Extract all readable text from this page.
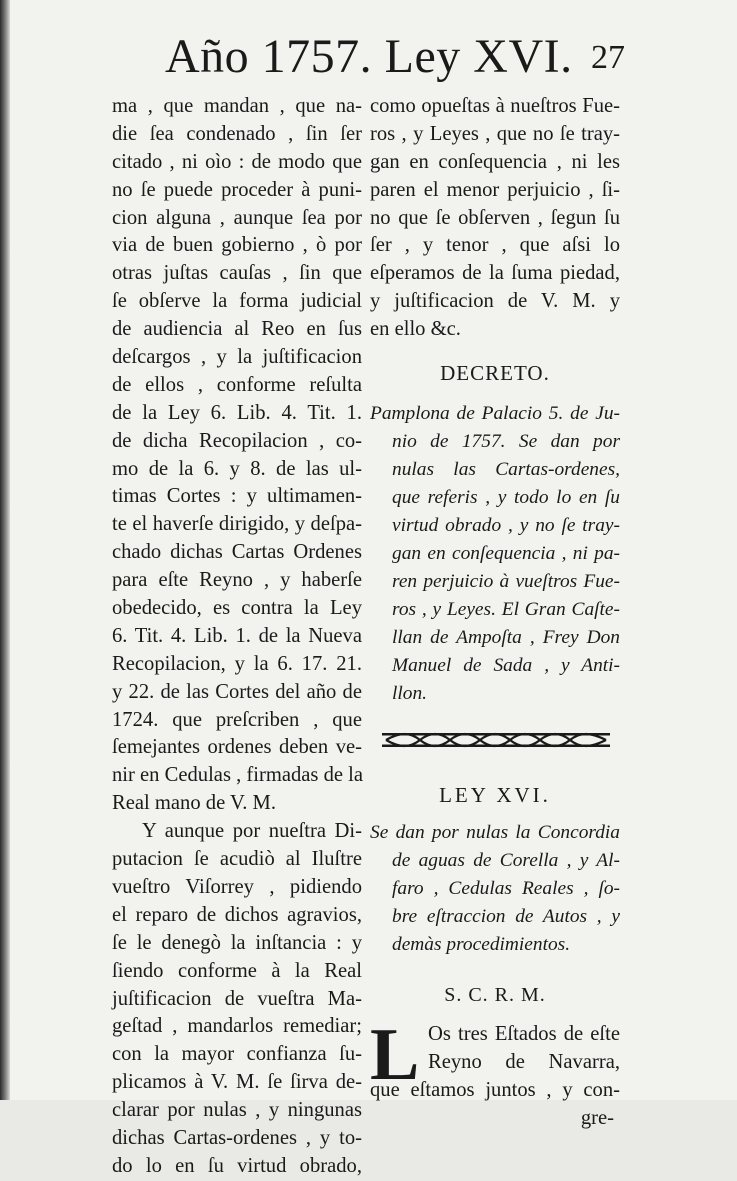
Año 1757. Ley XVI. 27
ma , que mandan , que na-
die ſea condenado , ſin ſer
citado , ni oìo : de modo que
no ſe puede proceder à puni-
cion alguna , aunque ſea por
via de buen gobierno , ò por
otras juſtas cauſas , ſin que
ſe obſerve la forma judicial
de audiencia al Reo en ſus
deſcargos , y la juſtificacion
de ellos , conforme reſulta
de la Ley 6. Lib. 4. Tit. 1.
de dicha Recopilacion , co-
mo de la 6. y 8. de las ul-
timas Cortes : y ultimamen-
te el haverſe dirigido, y deſpa-
chado dichas Cartas Ordenes
para eſte Reyno , y haberſe
obedecido, es contra la Ley
6. Tit. 4. Lib. 1. de la Nueva
Recopilacion, y la 6. 17. 21.
y 22. de las Cortes del año de
1724. que preſcriben , que
ſemejantes ordenes deben ve-
nir en Cedulas , firmadas de la
Real mano de V. M.
Y aunque por nueſtra Di-
putacion ſe acudiò al Iluſtre
vueſtro Viſorrey , pidiendo
el reparo de dichos agravios,
ſe le denegò la inſtancia : y
ſiendo conforme à la Real
juſtificacion de vueſtra Ma-
geſtad , mandarlos remediar;
con la mayor confianza ſu-
plicamos à V. M. ſe ſirva de-
clarar por nulas , y ningunas
dichas Cartas-ordenes , y to-
do lo en ſu virtud obrado,
como opueſtas à nueſtros Fue-
ros , y Leyes , que no ſe tray-
gan en conſequencia , ni les
paren el menor perjuicio , ſi-
no que ſe obſerven , ſegun ſu
ſer , y tenor , que aſsi lo
eſperamos de la ſuma piedad,
y juſtificacion de V. M. y
en ello &c.
DECRETO.
Pamplona de Palacio 5. de Ju-
nio de 1757. Se dan por
nulas las Cartas-ordenes,
que referis , y todo lo en ſu
virtud obrado , y no ſe tray-
gan en conſequencia , ni pa-
ren perjuicio à vueſtros Fue-
ros , y Leyes. El Gran Caſte-
llan de Ampoſta , Frey Don
Manuel de Sada , y Anti-
llon.
LEY XVI.
Se dan por nulas la Concordia
de aguas de Corella , y Al-
faro , Cedulas Reales , ſo-
bre eſtraccion de Autos , y
demàs procedimientos.
S. C. R. M.
L Os tres Eſtados de eſte
Reyno de Navarra,
que eſtamos juntos , y con-
gre-
